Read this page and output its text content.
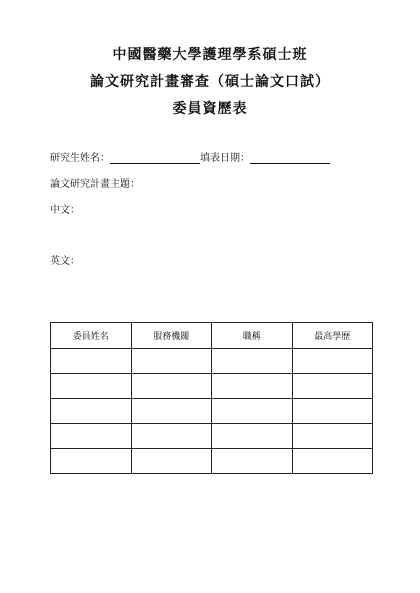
中國醫藥大學護理學系碩士班
論文研究計畫審查（碩士論文口試）
委員資歷表
研究生姓名：	填表日期：
論文研究計畫主題：
中文：
英文：
委員姓名	服務機關	職稱	最高學歷
